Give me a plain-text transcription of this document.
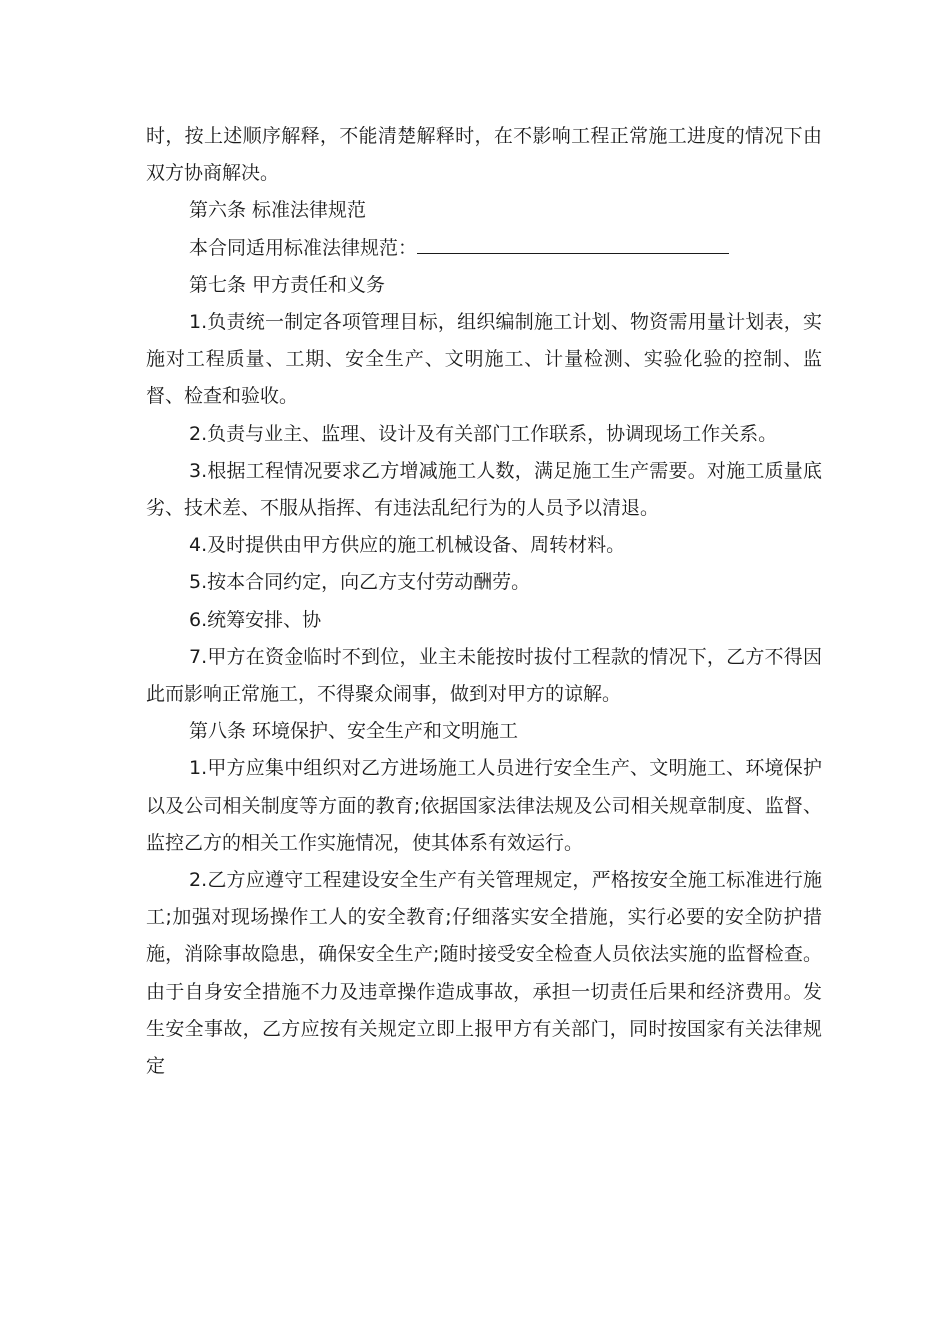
时，按上述顺序解释，不能清楚解释时，在不影响工程正常施工进度的情况下由双方协商解决。

第六条 标准法律规范

本合同适用标准法律规范：

第七条 甲方责任和义务

1.负责统一制定各项管理目标，组织编制施工计划、物资需用量计划表，实施对工程质量、工期、安全生产、文明施工、计量检测、实验化验的控制、监督、检查和验收。

2.负责与业主、监理、设计及有关部门工作联系，协调现场工作关系。

3.根据工程情况要求乙方增减施工人数，满足施工生产需要。对施工质量底劣、技术差、不服从指挥、有违法乱纪行为的人员予以清退。

4.及时提供由甲方供应的施工机械设备、周转材料。

5.按本合同约定，向乙方支付劳动酬劳。

6.统筹安排、协

7.甲方在资金临时不到位，业主未能按时拔付工程款的情况下，乙方不得因此而影响正常施工，不得聚众闹事，做到对甲方的谅解。

第八条 环境保护、安全生产和文明施工

1.甲方应集中组织对乙方进场施工人员进行安全生产、文明施工、环境保护以及公司相关制度等方面的教育;依据国家法律法规及公司相关规章制度、监督、监控乙方的相关工作实施情况，使其体系有效运行。

2.乙方应遵守工程建设安全生产有关管理规定，严格按安全施工标准进行施工;加强对现场操作工人的安全教育;仔细落实安全措施，实行必要的安全防护措施，消除事故隐患，确保安全生产;随时接受安全检查人员依法实施的监督检查。由于自身安全措施不力及违章操作造成事故，承担一切责任后果和经济费用。发生安全事故，乙方应按有关规定立即上报甲方有关部门，同时按国家有关法律规定
